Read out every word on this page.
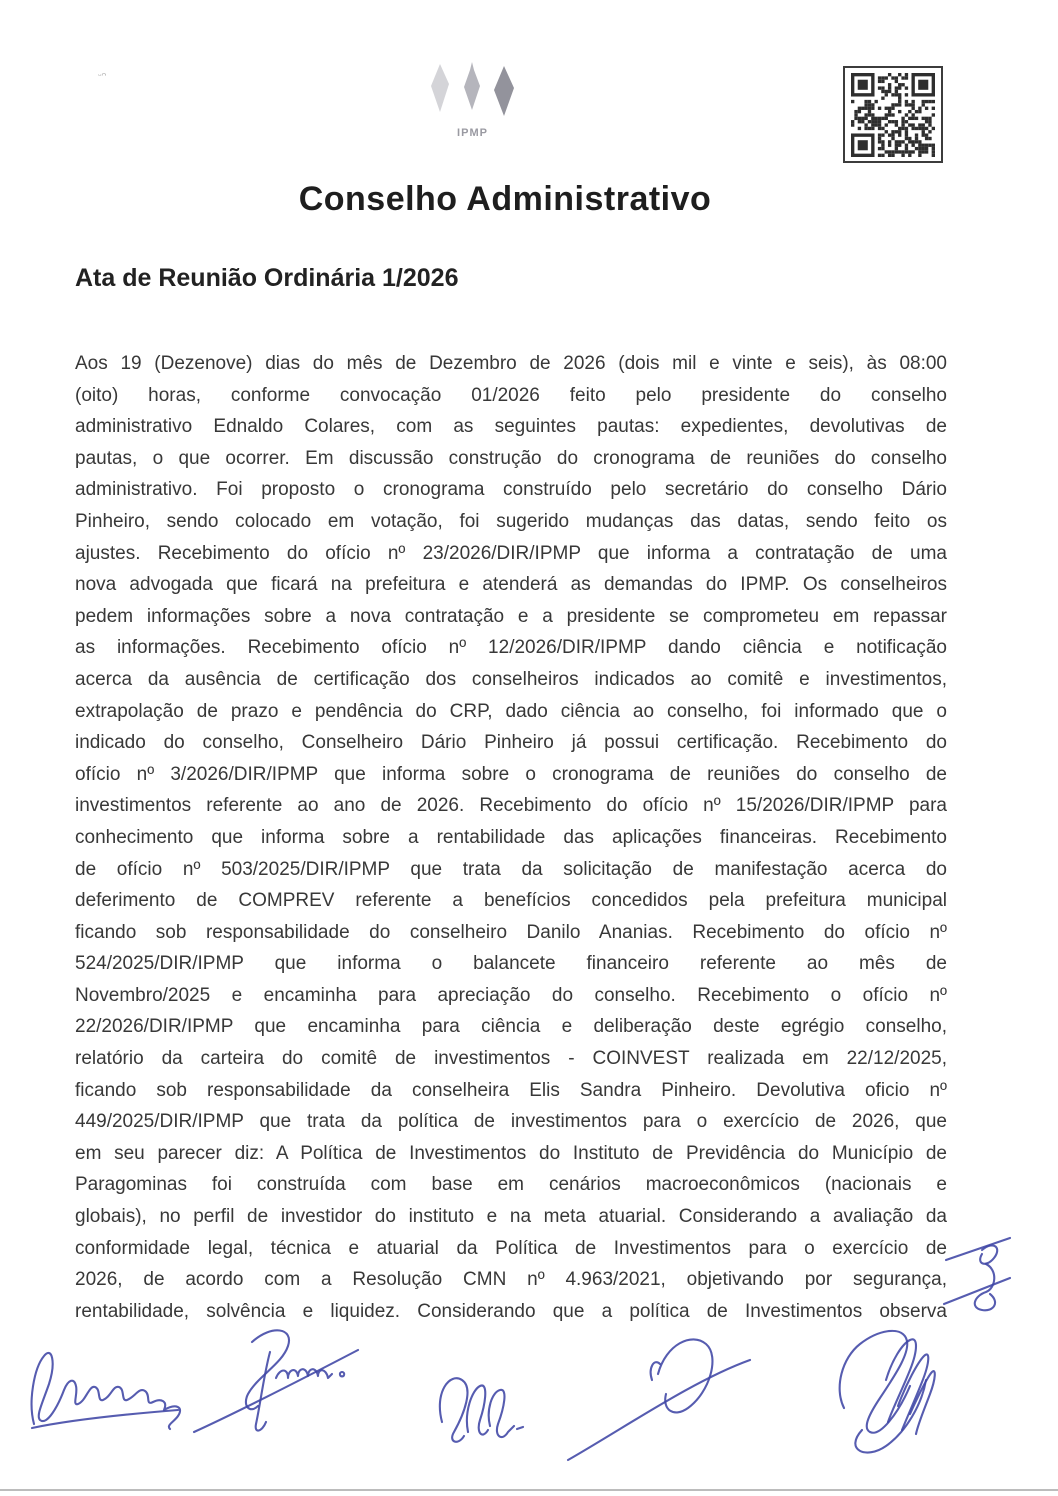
ᵕᴖ
IPMP
Conselho Administrativo
Ata de Reunião Ordinária 1/2026
Aos 19 (Dezenove) dias do mês de Dezembro de 2026 (dois mil e vinte e seis), às 08:00
(oito) horas, conforme convocação 01/2026 feito pelo presidente do conselho
administrativo Ednaldo Colares, com as seguintes pautas: expedientes, devolutivas de
pautas, o que ocorrer. Em discussão construção do cronograma de reuniões do conselho
administrativo. Foi proposto o cronograma construído pelo secretário do conselho Dário
Pinheiro, sendo colocado em votação, foi sugerido mudanças das datas, sendo feito os
ajustes. Recebimento do ofício nº 23/2026/DIR/IPMP que informa a contratação de uma
nova advogada que ficará na prefeitura e atenderá as demandas do IPMP. Os conselheiros
pedem informações sobre a nova contratação e a presidente se comprometeu em repassar
as informações. Recebimento ofício nº 12/2026/DIR/IPMP dando ciência e notificação
acerca da ausência de certificação dos conselheiros indicados ao comitê e investimentos,
extrapolação de prazo e pendência do CRP, dado ciência ao conselho, foi informado que o
indicado do conselho, Conselheiro Dário Pinheiro já possui certificação. Recebimento do
ofício nº 3/2026/DIR/IPMP que informa sobre o cronograma de reuniões do conselho de
investimentos referente ao ano de 2026. Recebimento do ofício nº 15/2026/DIR/IPMP para
conhecimento que informa sobre a rentabilidade das aplicações financeiras. Recebimento
de ofício nº 503/2025/DIR/IPMP que trata da solicitação de manifestação acerca do
deferimento de COMPREV referente a benefícios concedidos pela prefeitura municipal
ficando sob responsabilidade do conselheiro Danilo Ananias. Recebimento do ofício nº
524/2025/DIR/IPMP que informa o balancete financeiro referente ao mês de
Novembro/2025 e encaminha para apreciação do conselho. Recebimento o ofício nº
22/2026/DIR/IPMP que encaminha para ciência e deliberação deste egrégio conselho,
relatório da carteira do comitê de investimentos - COINVEST realizada em 22/12/2025,
ficando sob responsabilidade da conselheira Elis Sandra Pinheiro. Devolutiva oficio nº
449/2025/DIR/IPMP que trata da política de investimentos para o exercício de 2026, que
em seu parecer diz: A Política de Investimentos do Instituto de Previdência do Município de
Paragominas foi construída com base em cenários macroeconômicos (nacionais e
globais), no perfil de investidor do instituto e na meta atuarial. Considerando a avaliação da
conformidade legal, técnica e atuarial da Política de Investimentos para o exercício de
2026, de acordo com a Resolução CMN nº 4.963/2021, objetivando por segurança,
rentabilidade, solvência e liquidez. Considerando que a política de Investimentos observa
